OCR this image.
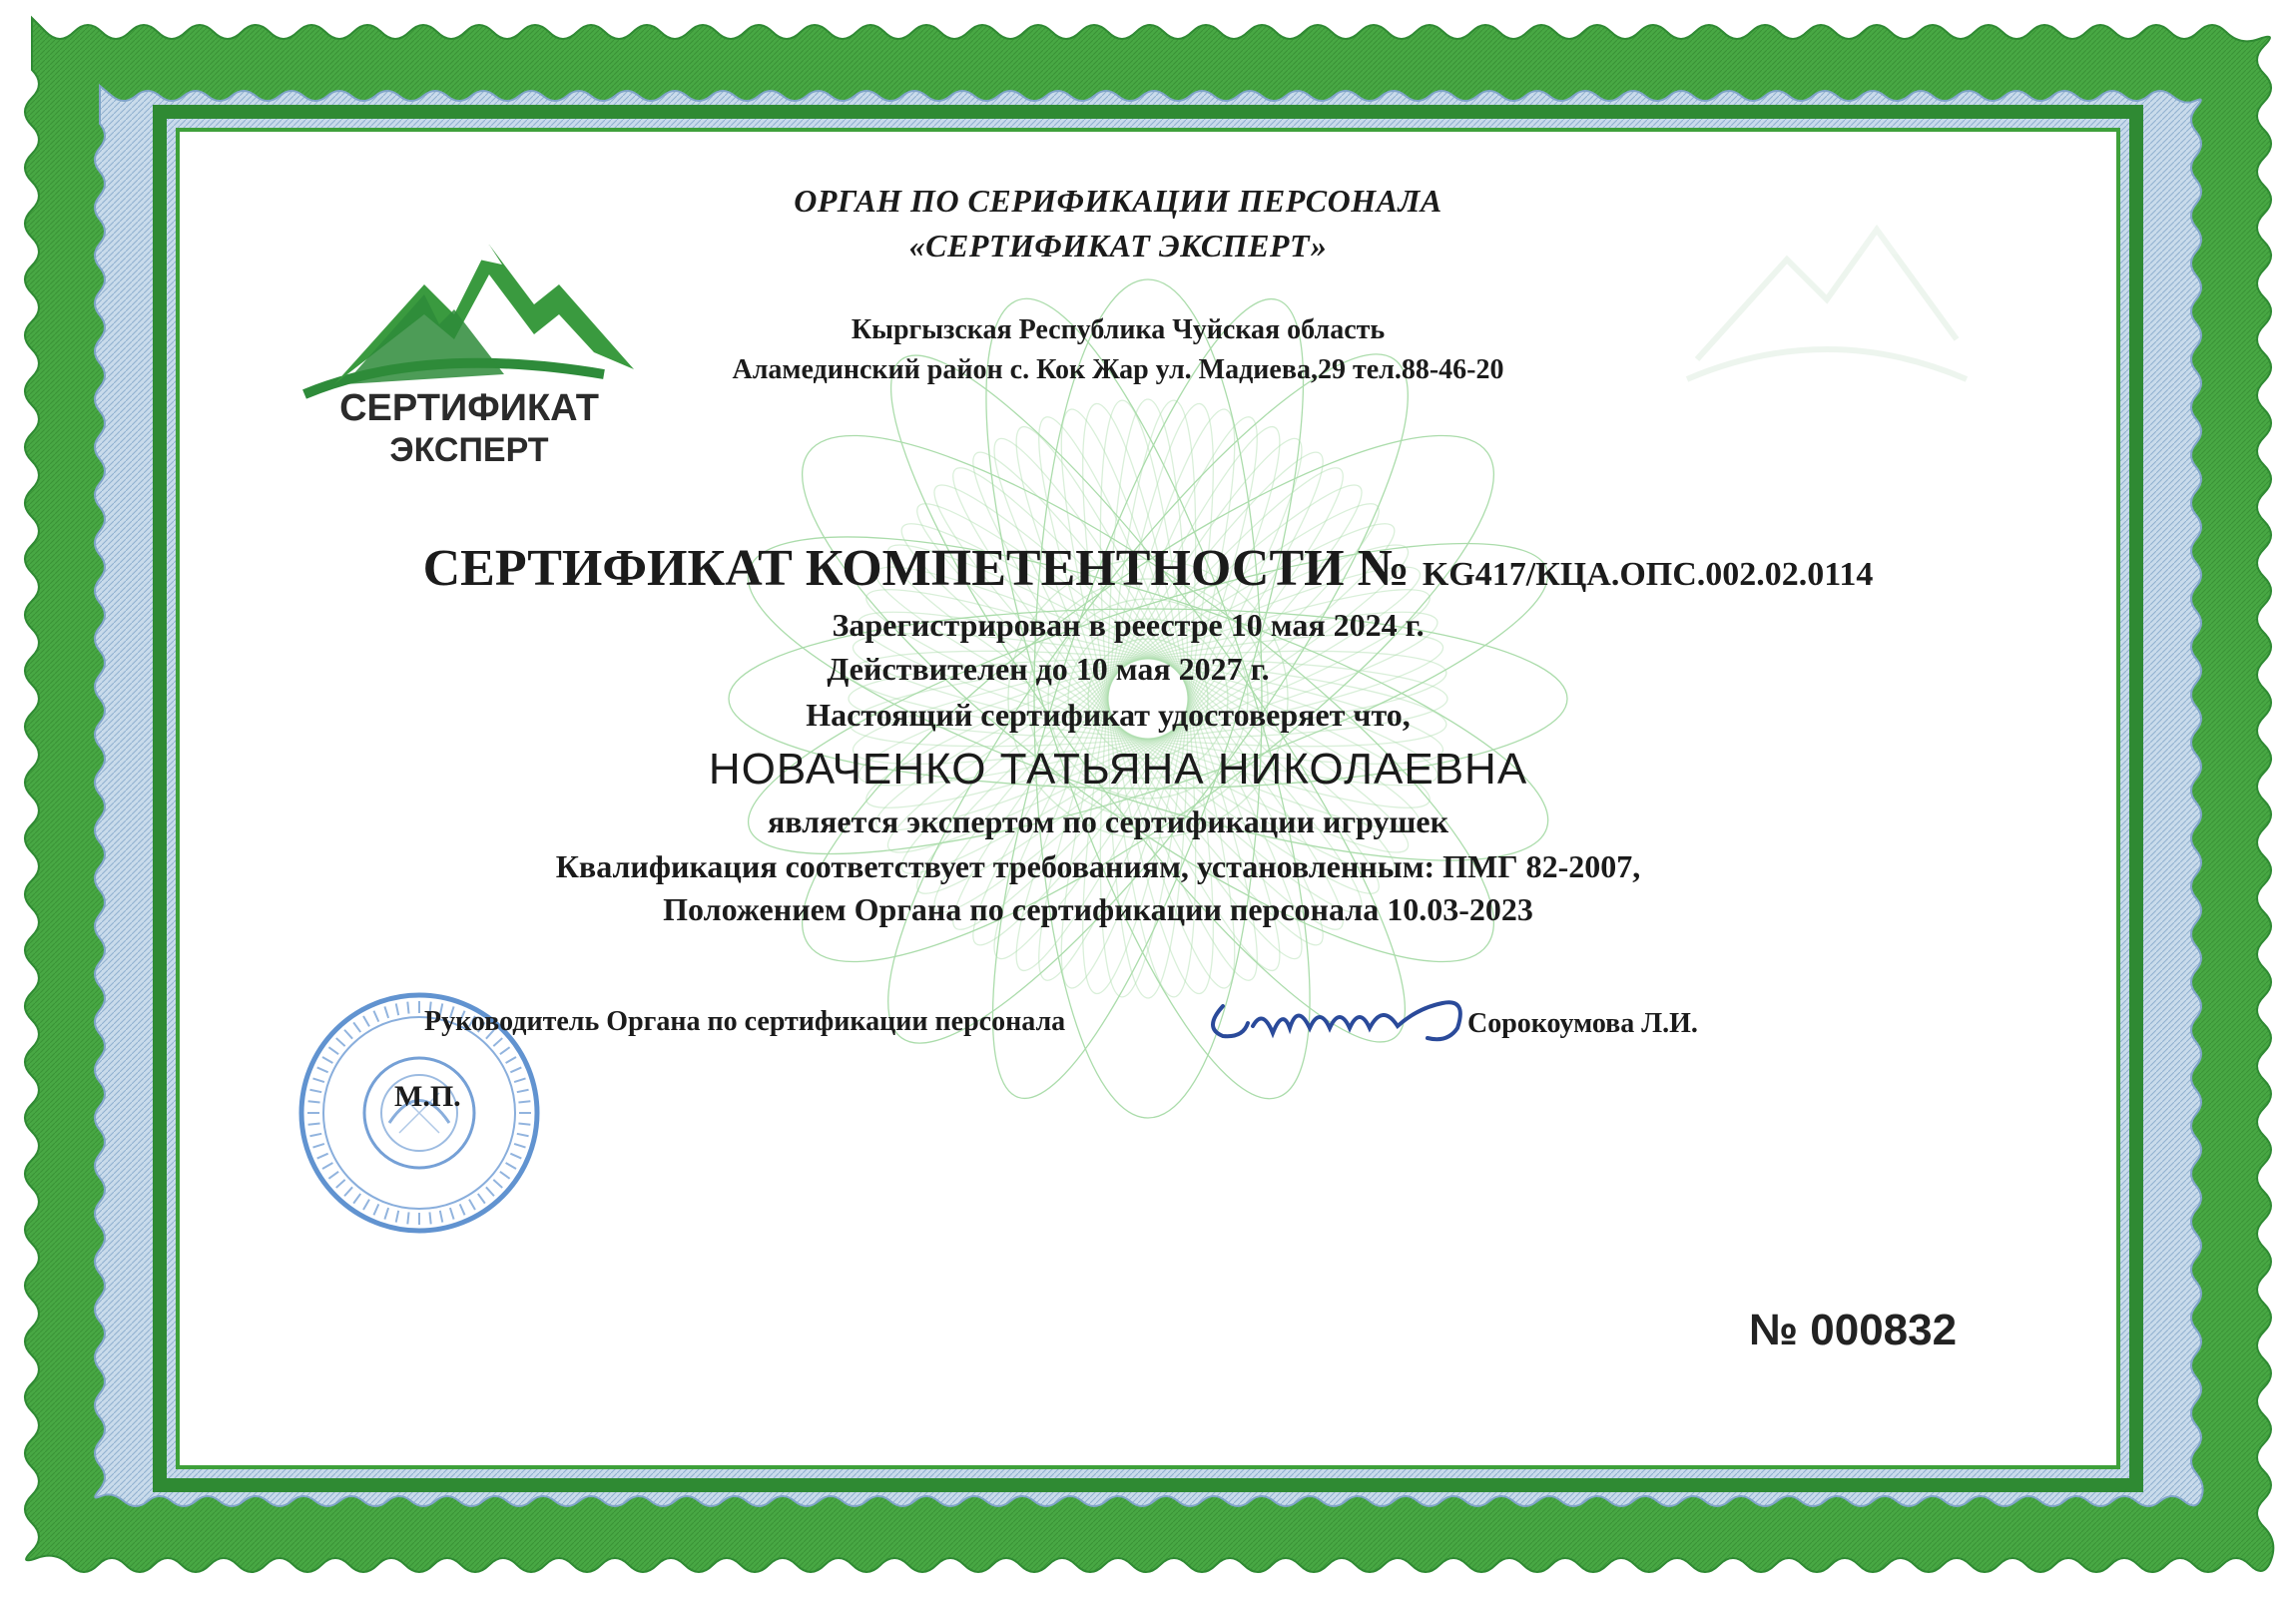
СЕРТИФИКАТ
ЭКСПЕРТ
ОРГАН ПО СЕРИФИКАЦИИ ПЕРСОНАЛА
«СЕРТИФИКАТ ЭКСПЕРТ»
Кыргызская Республика Чуйская область
Аламединский район с. Кок Жар ул. Мадиева,29 тел.88-46-20
СЕРТИФИКАТ КОМПЕТЕНТНОСТИ № KG417/КЦА.ОПС.002.02.0114
Зарегистрирован в реестре 10 мая 2024 г.
Действителен до 10 мая 2027 г.
Настоящий сертификат удостоверяет что,
НОВАЧЕНКО ТАТЬЯНА НИКОЛАЕВНА
является экспертом по сертификации игрушек
Квалификация соответствует требованиям, установленным: ПМГ 82-2007,
Положением Органа по сертификации персонала 10.03-2023
Руководитель Органа по сертификации персонала	Сорокоумова Л.И.
М.П.
№ 000832
